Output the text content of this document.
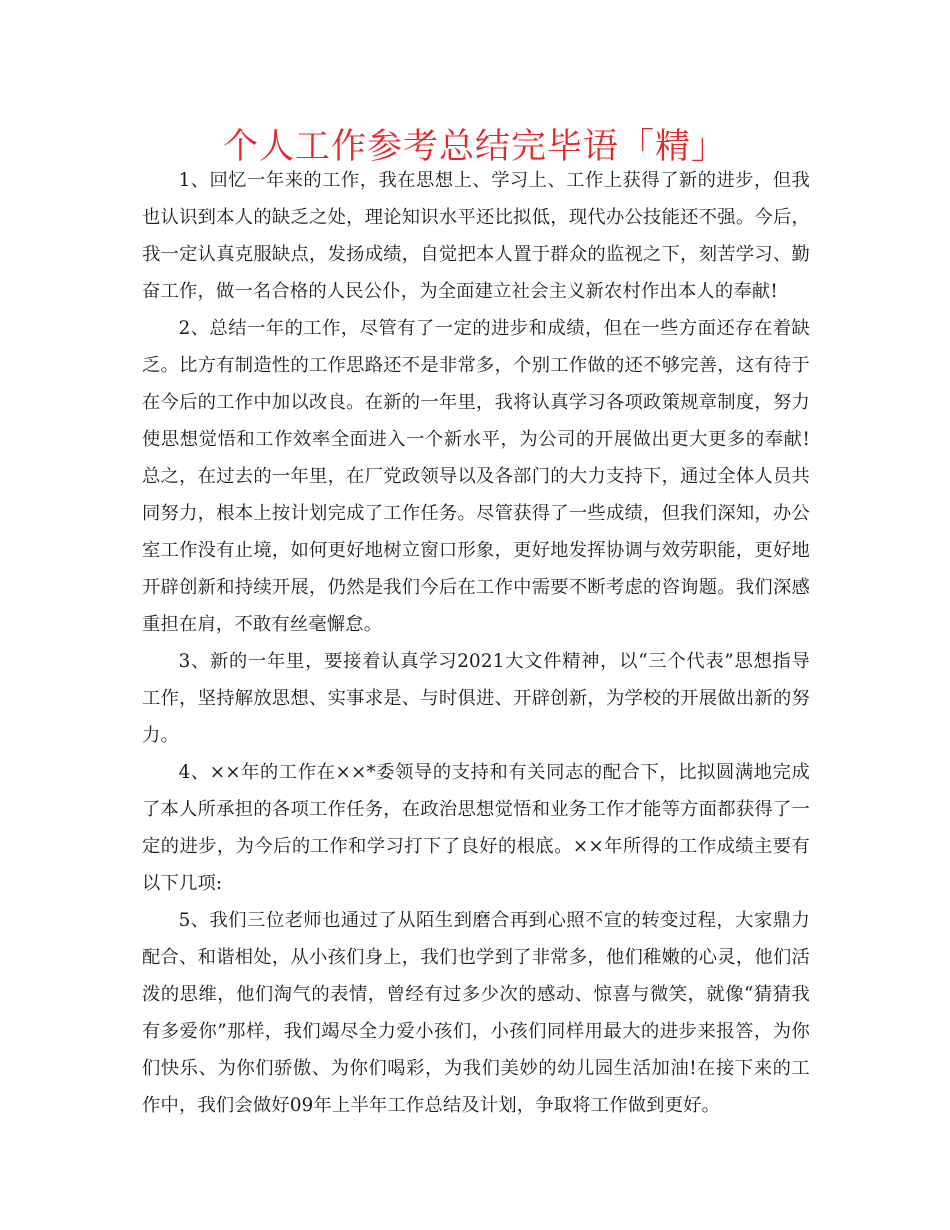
个人工作参考总结完毕语「精」

1、回忆一年来的工作，我在思想上、学习上、工作上获得了新的进步，但我也认识到本人的缺乏之处，理论知识水平还比拟低，现代办公技能还不强。今后，我一定认真克服缺点，发扬成绩，自觉把本人置于群众的监视之下，刻苦学习、勤奋工作，做一名合格的人民公仆，为全面建立社会主义新农村作出本人的奉献!

2、总结一年的工作，尽管有了一定的进步和成绩，但在一些方面还存在着缺乏。比方有制造性的工作思路还不是非常多，个别工作做的还不够完善，这有待于在今后的工作中加以改良。在新的一年里，我将认真学习各项政策规章制度，努力使思想觉悟和工作效率全面进入一个新水平，为公司的开展做出更大更多的奉献!总之，在过去的一年里，在厂党政领导以及各部门的大力支持下，通过全体人员共同努力，根本上按计划完成了工作任务。尽管获得了一些成绩，但我们深知，办公室工作没有止境，如何更好地树立窗口形象，更好地发挥协调与效劳职能，更好地开辟创新和持续开展，仍然是我们今后在工作中需要不断考虑的咨询题。我们深感重担在肩，不敢有丝毫懈怠。

3、新的一年里，要接着认真学习2021大文件精神，以“三个代表”思想指导工作，坚持解放思想、实事求是、与时俱进、开辟创新，为学校的开展做出新的努力。

4、××年的工作在××*委领导的支持和有关同志的配合下，比拟圆满地完成了本人所承担的各项工作任务，在政治思想觉悟和业务工作才能等方面都获得了一定的进步，为今后的工作和学习打下了良好的根底。××年所得的工作成绩主要有以下几项:

5、我们三位老师也通过了从陌生到磨合再到心照不宣的转变过程，大家鼎力配合、和谐相处，从小孩们身上，我们也学到了非常多，他们稚嫩的心灵，他们活泼的思维，他们淘气的表情，曾经有过多少次的感动、惊喜与微笑，就像“猜猜我有多爱你”那样，我们竭尽全力爱小孩们，小孩们同样用最大的进步来报答，为你们快乐、为你们骄傲、为你们喝彩，为我们美妙的幼儿园生活加油!在接下来的工作中，我们会做好09年上半年工作总结及计划，争取将工作做到更好。
